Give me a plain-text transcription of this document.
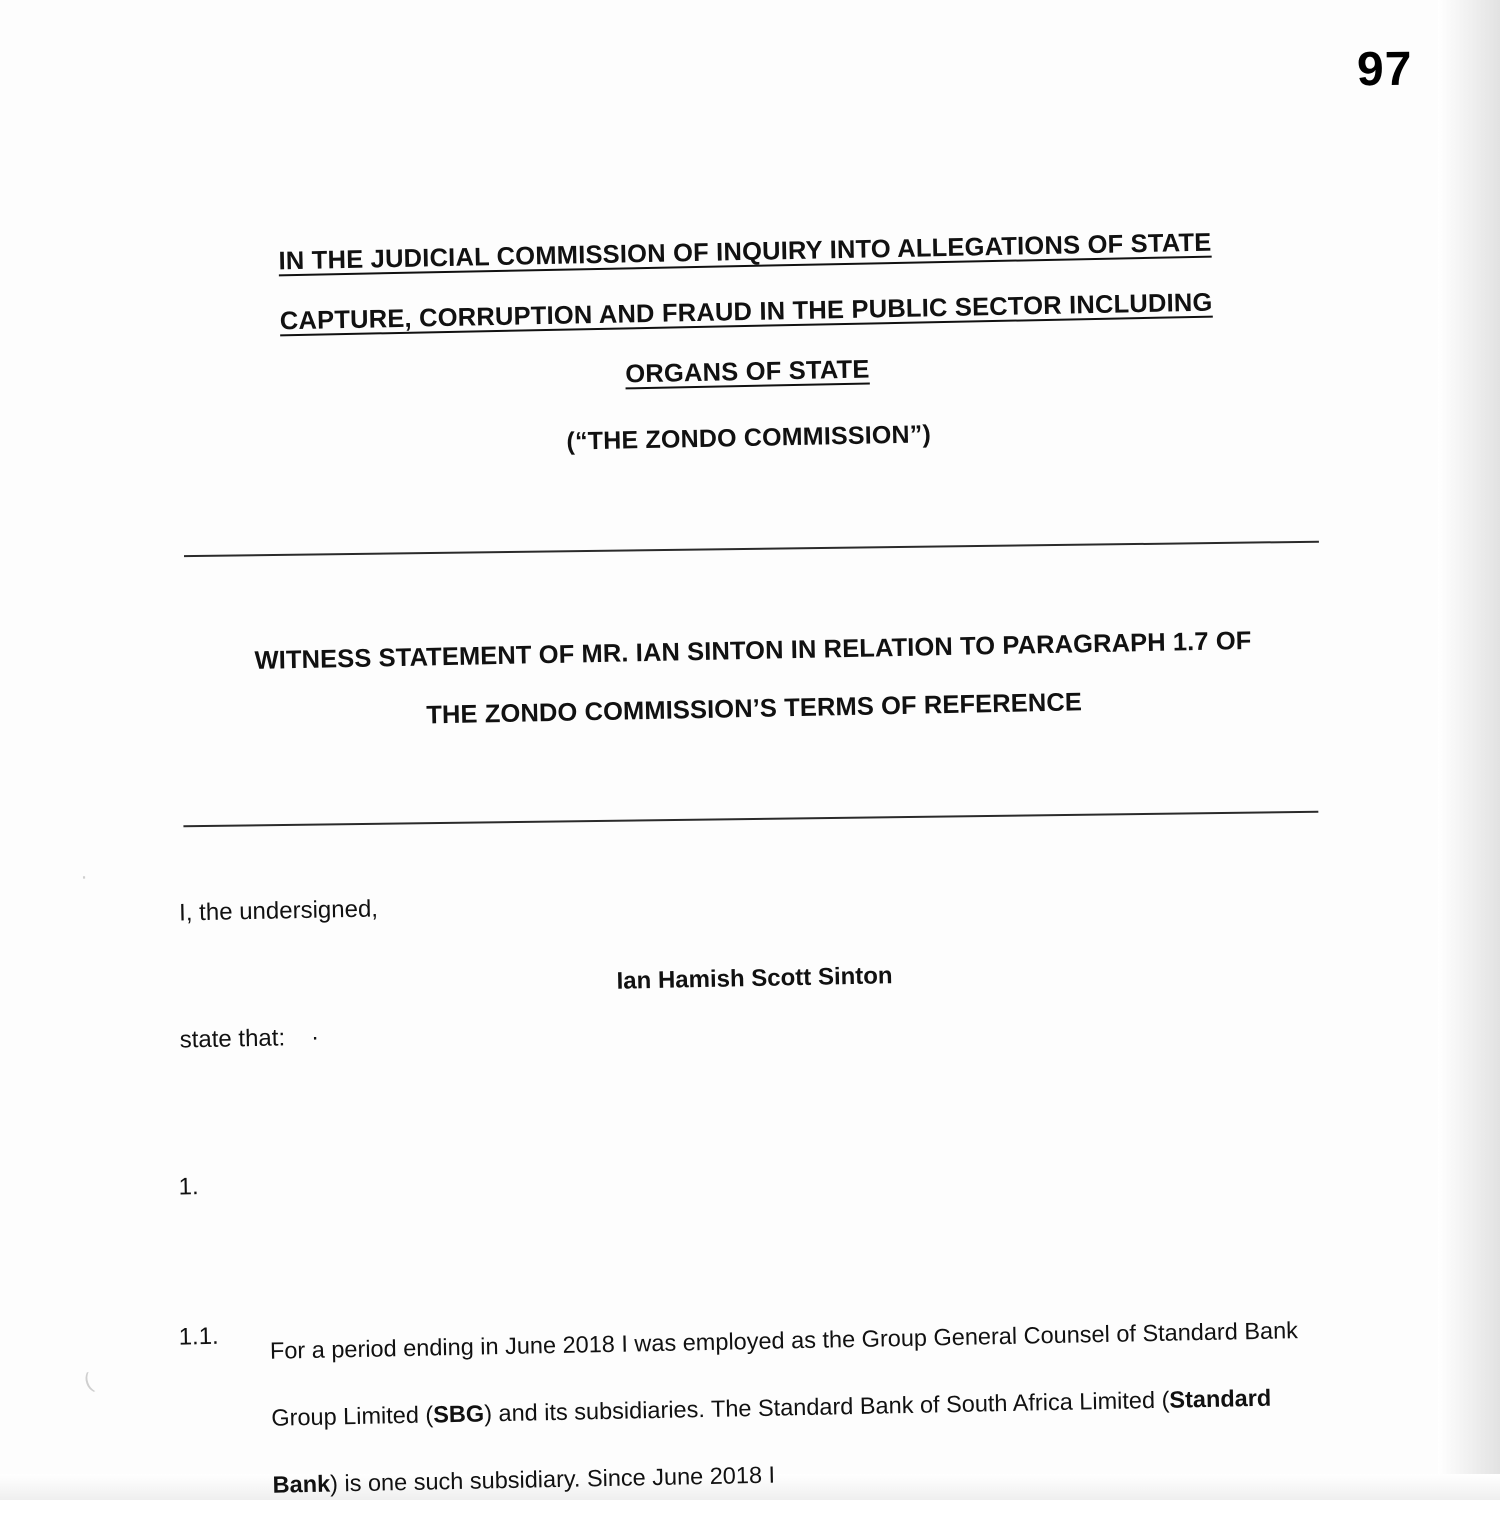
97
IN THE JUDICIAL COMMISSION OF INQUIRY INTO ALLEGATIONS OF STATE
CAPTURE, CORRUPTION AND FRAUD IN THE PUBLIC SECTOR INCLUDING
ORGANS OF STATE
(“THE ZONDO COMMISSION”)
WITNESS STATEMENT OF MR. IAN SINTON IN RELATION TO PARAGRAPH 1.7 OF
THE ZONDO COMMISSION’S TERMS OF REFERENCE
I, the undersigned,
Ian Hamish Scott Sinton
state that: ·
1.
1.1. For a period ending in June 2018 I was employed as the Group General Counsel of Standard Bank Group Limited (SBG) and its subsidiaries. The Standard Bank of South Africa Limited (Standard Bank) is one such subsidiary. Since June 2018 I
(
·
